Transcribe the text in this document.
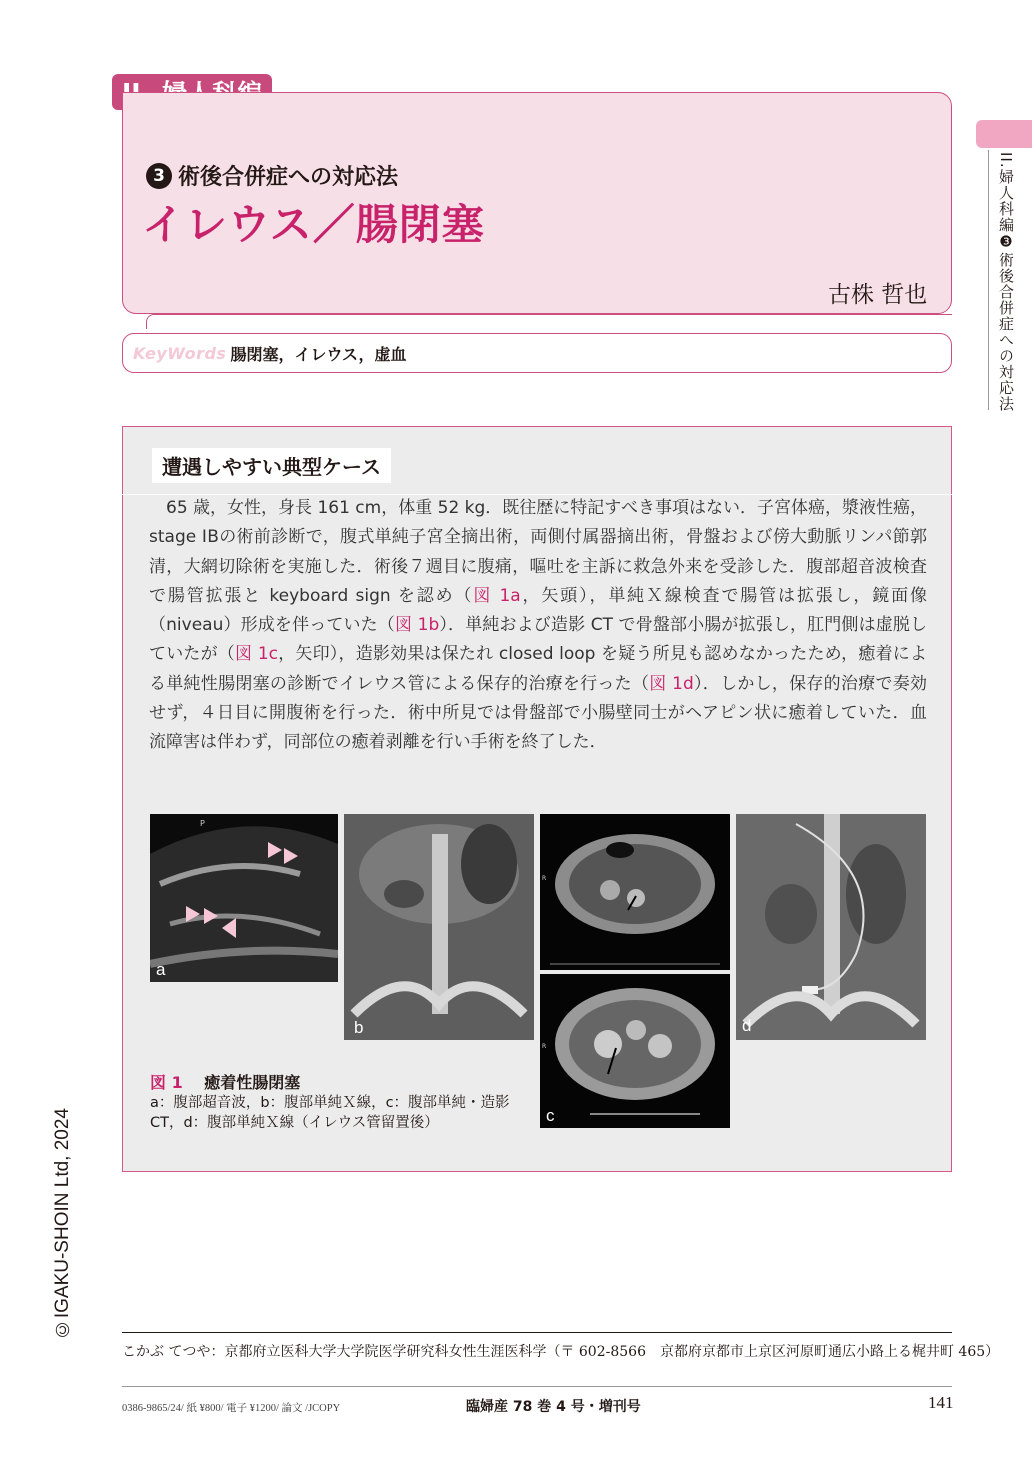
3 術後合併症への対応法
イレウス／腸閉塞
古株 哲也
KeyWords 腸閉塞，イレウス，虚血	II.婦人科編❸術後合併症への対応法
遭遇しやすい典型ケース

65 歳，女性，身長 161 cm，体重 52 kg．既往歴に特記すべき事項はない．子宮体癌，漿液性癌，stage ⅠBの術前診断で，腹式単純子宮全摘出術，両側付属器摘出術，骨盤および傍大動脈リンパ節郭清，大網切除術を実施した．術後７週目に腹痛，嘔吐を主訴に救急外来を受診した．腹部超音波検査で腸管拡張と keyboard sign を認め（図 1a，矢頭），単純Ｘ線検査で腸管は拡張し，鏡面像（niveau）形成を伴っていた（図 1b）．単純および造影 CT で骨盤部小腸が拡張し，肛門側は虚脱していたが（図 1c，矢印），造影効果は保たれ closed loop を疑う所見も認めなかったため，癒着による単純性腸閉塞の診断でイレウス管による保存的治療を行った（図 1d）．しかし，保存的治療で奏効せず，４日目に開腹術を行った．術中所見では骨盤部で小腸壁同士がヘアピン状に癒着していた．血流障害は伴わず，同部位の癒着剥離を行い手術を終了した．

P
a
b
R
R
c
d
図 1 癒着性腸閉塞
a：腹部超音波，b：腹部単純Ｘ線，c：腹部単純・造影 CT，d：腹部単純Ｘ線（イレウス管留置後）
©IGAKU-SHOIN Ltd, 2024
こかぶ てつや：京都府立医科大学大学院医学研究科女性生涯医科学（〒 602-8566　京都府京都市上京区河原町通広小路上る梶井町 465）
0386-9865/24/ 紙 ¥800/ 電子 ¥1200/ 論文 /JCOPY	臨婦産 78 巻 4 号・増刊号	141
